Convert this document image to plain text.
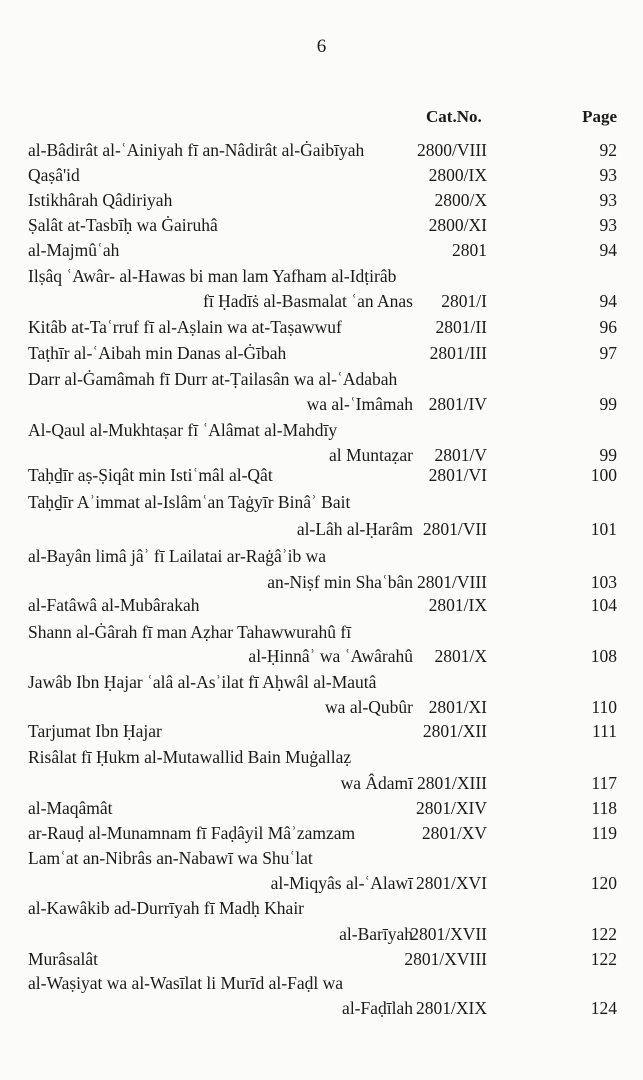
6
Cat.No.	Page
al-Bâdirât al-ʿAiniyah fī an-Nâdirât al-Ġaibīyah	2800/VIII	92
Qaṣâ'id	2800/IX	93
Istikhârah Qâdiriyah	2800/X	93
Ṣalât at-Tasbīḥ wa Ġairuhâ	2800/XI	93
al-Majmûʿah	2801	94
Ilṣâq ʿAwâr- al-Hawas bi man lam Yafham al-Idṭirâb
fī Ḥadīṡ al-Basmalat ʿan Anas 2801/I	94
Kitâb at-Taʿrruf fī al-Aṣlain wa at-Taṣawwuf	2801/II	96
Taṭhīr al-ʿAibah min Danas al-Ġībah	2801/III	97
Darr al-Ġamâmah fī Durr at-Ṭailasân wa al-ʿAdabah
wa al-ʿImâmah 2801/IV	99
Al-Qaul al-Mukhtaṣar fī ʿAlâmat al-Mahdīy
al Muntaẓar 2801/V	99
Taḥḏīr aṣ-Ṣiqât min Istiʿmâl al-Qât	2801/VI	100
Taḥḏīr Aʾimmat al-Islâmʿan Taġyīr Binâʾ Bait
al-Lâh al-Ḥarâm 2801/VII	101
al-Bayân limâ jâʾ fī Lailatai ar-Raġâʾib wa
an-Niṣf min Shaʿbân 2801/VIII	103
al-Fatâwâ al-Mubârakah	2801/IX	104
Shann al-Ġârah fī man Aẓhar Tahawwurahû fī
al-Ḥinnâʾ wa ʿAwârahû 2801/X	108
Jawâb Ibn Ḥajar ʿalâ al-Asʾilat fī Aḥwâl al-Mautâ
wa al-Qubûr 2801/XI	110
Tarjumat Ibn Ḥajar	2801/XII	111
Risâlat fī Ḥukm al-Mutawallid Bain Muġallaẓ
wa Âdamī 2801/XIII	117
al-Maqâmât	2801/XIV	118
ar-Rauḍ al-Munamnam fī Faḍâyil Mâʾzamzam	2801/XV	119
Lamʿat an-Nibrâs an-Nabawī wa Shuʿlat
al-Miqyâs al-ʿAlawī 2801/XVI	120
al-Kawâkib ad-Durrīyah fī Madḥ Khair
al-Barīyah
2801/XVII	122
Murâsalât	2801/XVIII	122
al-Waṣiyat wa al-Wasīlat li Murīd al-Faḍl wa
al-Faḍīlah 2801/XIX	124
